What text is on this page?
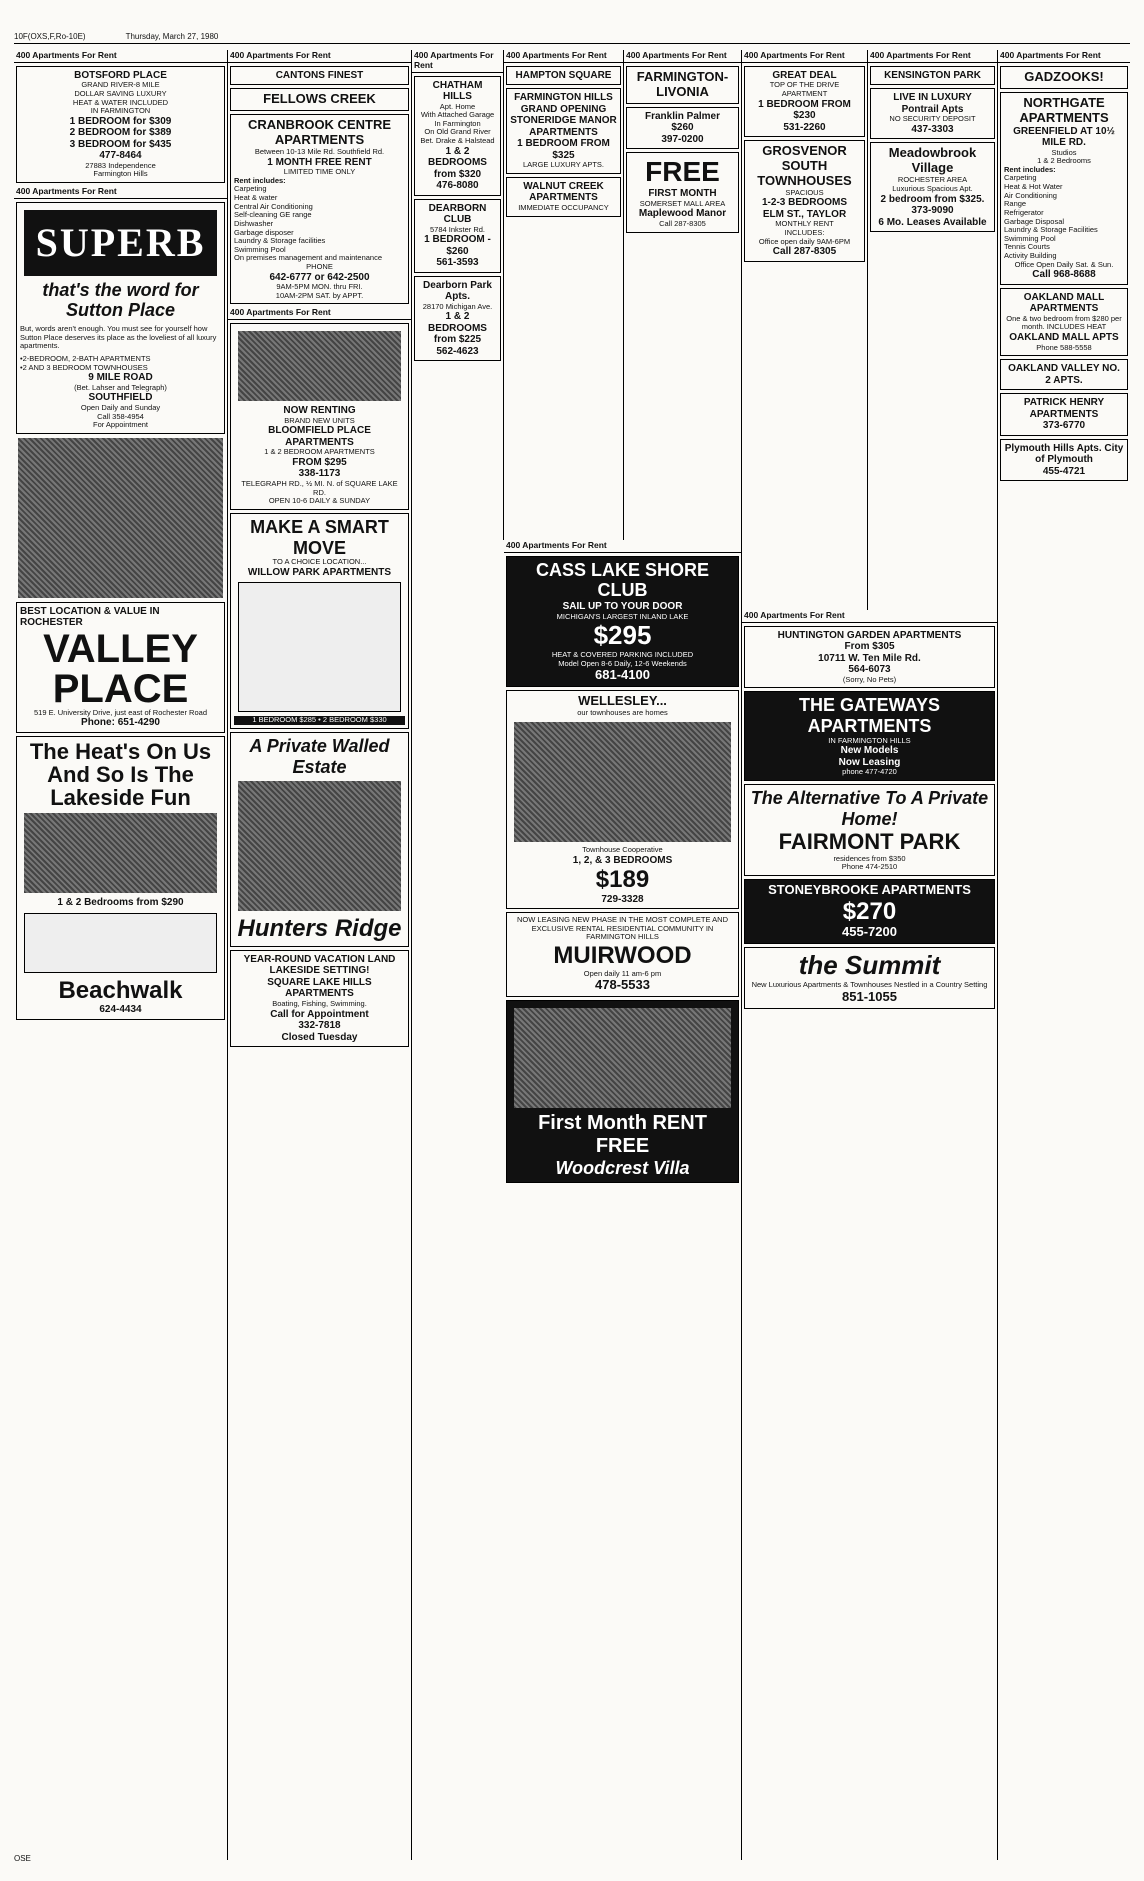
10F(OXS,F,Ro-10E)	Thursday, March 27, 1980
400 Apartments For Rent
BOTSFORD PLACE
GRAND RIVER-8 MILE
DOLLAR SAVING LUXURY
HEAT & WATER INCLUDED
IN FARMINGTON
1 BEDROOM for $309
2 BEDROOM for $389
3 BEDROOM for $435
477-8464
27883 Independence
Farmington Hills
400 Apartments For Rent
SUPERB
that's the word for Sutton Place
But, words aren't enough. You must see for yourself how Sutton Place deserves its place as the loveliest of all luxury apartments.
•2-BEDROOM, 2-BATH APARTMENTS
•2 AND 3 BEDROOM TOWNHOUSES
9 MILE ROAD
(Bet. Lahser and Telegraph)
SOUTHFIELD
Open Daily and Sunday
Call 358-4954
For Appointment
BEST LOCATION & VALUE IN ROCHESTER
VALLEY PLACE
519 E. University Drive, just east of Rochester Road
Phone: 651-4290
The Heat's On Us And So Is The Lakeside Fun
1 & 2 Bedrooms from $290
Beachwalk
624-4434
400 Apartments For Rent
CANTONS FINEST
FELLOWS CREEK
CRANBROOK CENTRE APARTMENTS
Between 10-13 Mile Rd. Southfield Rd.
1 MONTH FREE RENT
LIMITED TIME ONLY
Rent includes:
Carpeting
Heat & water
Central Air Conditioning
Self-cleaning GE range
Dishwasher
Garbage disposer
Laundry & Storage facilities
Swimming Pool
On premises management and maintenance
PHONE
642-6777 or 642-2500
9AM-5PM MON. thru FRI.
10AM-2PM SAT. by APPT.
400 Apartments For Rent
NOW RENTING
BRAND NEW UNITS
BLOOMFIELD PLACE APARTMENTS
1 & 2 BEDROOM APARTMENTS
FROM $295
338-1173
TELEGRAPH RD., ½ MI. N. of SQUARE LAKE RD.
OPEN 10-6 DAILY & SUNDAY
MAKE A SMART MOVE
TO A CHOICE LOCATION...
WILLOW PARK APARTMENTS
1 BEDROOM $285 • 2 BEDROOM $330
A Private Walled Estate
Hunters Ridge
YEAR-ROUND VACATION LAND
LAKESIDE SETTING!
SQUARE LAKE HILLS APARTMENTS
Boating, Fishing, Swimming.
Call for Appointment
332-7818
Closed Tuesday
400 Apartments For Rent
CHATHAM HILLS
Apt. Home
With Attached Garage
In Farmington
On Old Grand River
Bet. Drake & Halstead
1 & 2 BEDROOMS
from $320
476-8080
DEARBORN CLUB
5784 Inkster Rd.
1 BEDROOM - $260
561-3593
Dearborn Park Apts.
28170 Michigan Ave.
1 & 2 BEDROOMS
from $225
562-4623
400 Apartments For Rent
HAMPTON SQUARE
FARMINGTON HILLS GRAND OPENING STONERIDGE MANOR APARTMENTS
1 BEDROOM FROM $325
LARGE LUXURY APTS.
WALNUT CREEK APARTMENTS
IMMEDIATE OCCUPANCY
400 Apartments For Rent
FARMINGTON-LIVONIA
Franklin Palmer
$260
397-0200
FREE
FIRST MONTH
SOMERSET MALL AREA
Maplewood Manor
Call 287-8305
400 Apartments For Rent
GREAT DEAL
TOP OF THE DRIVE APARTMENT
1 BEDROOM FROM $230
531-2260
GROSVENOR SOUTH TOWNHOUSES
SPACIOUS
1-2-3 BEDROOMS
ELM ST., TAYLOR
MONTHLY RENT
INCLUDES:
Office open daily 9AM-6PM
Call 287-8305
400 Apartments For Rent
KENSINGTON PARK
LIVE IN LUXURY
Pontrail Apts
NO SECURITY DEPOSIT
437-3303
Meadowbrook Village
ROCHESTER AREA
Luxurious Spacious Apt.
2 bedroom from $325.
373-9090
6 Mo. Leases Available
400 Apartments For Rent
CASS LAKE SHORE CLUB
SAIL UP TO YOUR DOOR
MICHIGAN'S LARGEST INLAND LAKE
$295
HEAT & COVERED PARKING INCLUDED
Model Open 8-6 Daily, 12-6 Weekends
681-4100
WELLESLEY...
our townhouses are homes
Townhouse Cooperative
1, 2, & 3 BEDROOMS
$189
729-3328
NOW LEASING NEW PHASE IN THE MOST COMPLETE AND EXCLUSIVE RENTAL RESIDENTIAL COMMUNITY IN FARMINGTON HILLS
MUIRWOOD
Open daily 11 am-6 pm
478-5533
First Month RENT FREE
Woodcrest Villa
400 Apartments For Rent
HUNTINGTON GARDEN APARTMENTS
From $305
10711 W. Ten Mile Rd.
564-6073
(Sorry, No Pets)
THE GATEWAYS APARTMENTS
IN FARMINGTON HILLS
New Models
Now Leasing
phone 477-4720
The Alternative To A Private Home!
FAIRMONT PARK
residences from $350
Phone 474-2510
STONEYBROOKE APARTMENTS
$270
455-7200
the Summit
New Luxurious Apartments & Townhouses Nestled in a Country Setting
851-1055
400 Apartments For Rent
GADZOOKS!
NORTHGATE APARTMENTS
GREENFIELD AT 10½ MILE RD.
Studios
1 & 2 Bedrooms
Rent includes:
Carpeting
Heat & Hot Water
Air Conditioning
Range
Refrigerator
Garbage Disposal
Laundry & Storage Facilities
Swimming Pool
Tennis Courts
Activity Building
Office Open Daily Sat. & Sun.
Call 968-8688
OAKLAND MALL APARTMENTS
One & two bedroom from $280 per month. INCLUDES HEAT
OAKLAND MALL APTS
Phone 588-5558
OAKLAND VALLEY NO. 2 APTS.
PATRICK HENRY APARTMENTS
373-6770
Plymouth Hills Apts. City of Plymouth
455-4721
OSE
